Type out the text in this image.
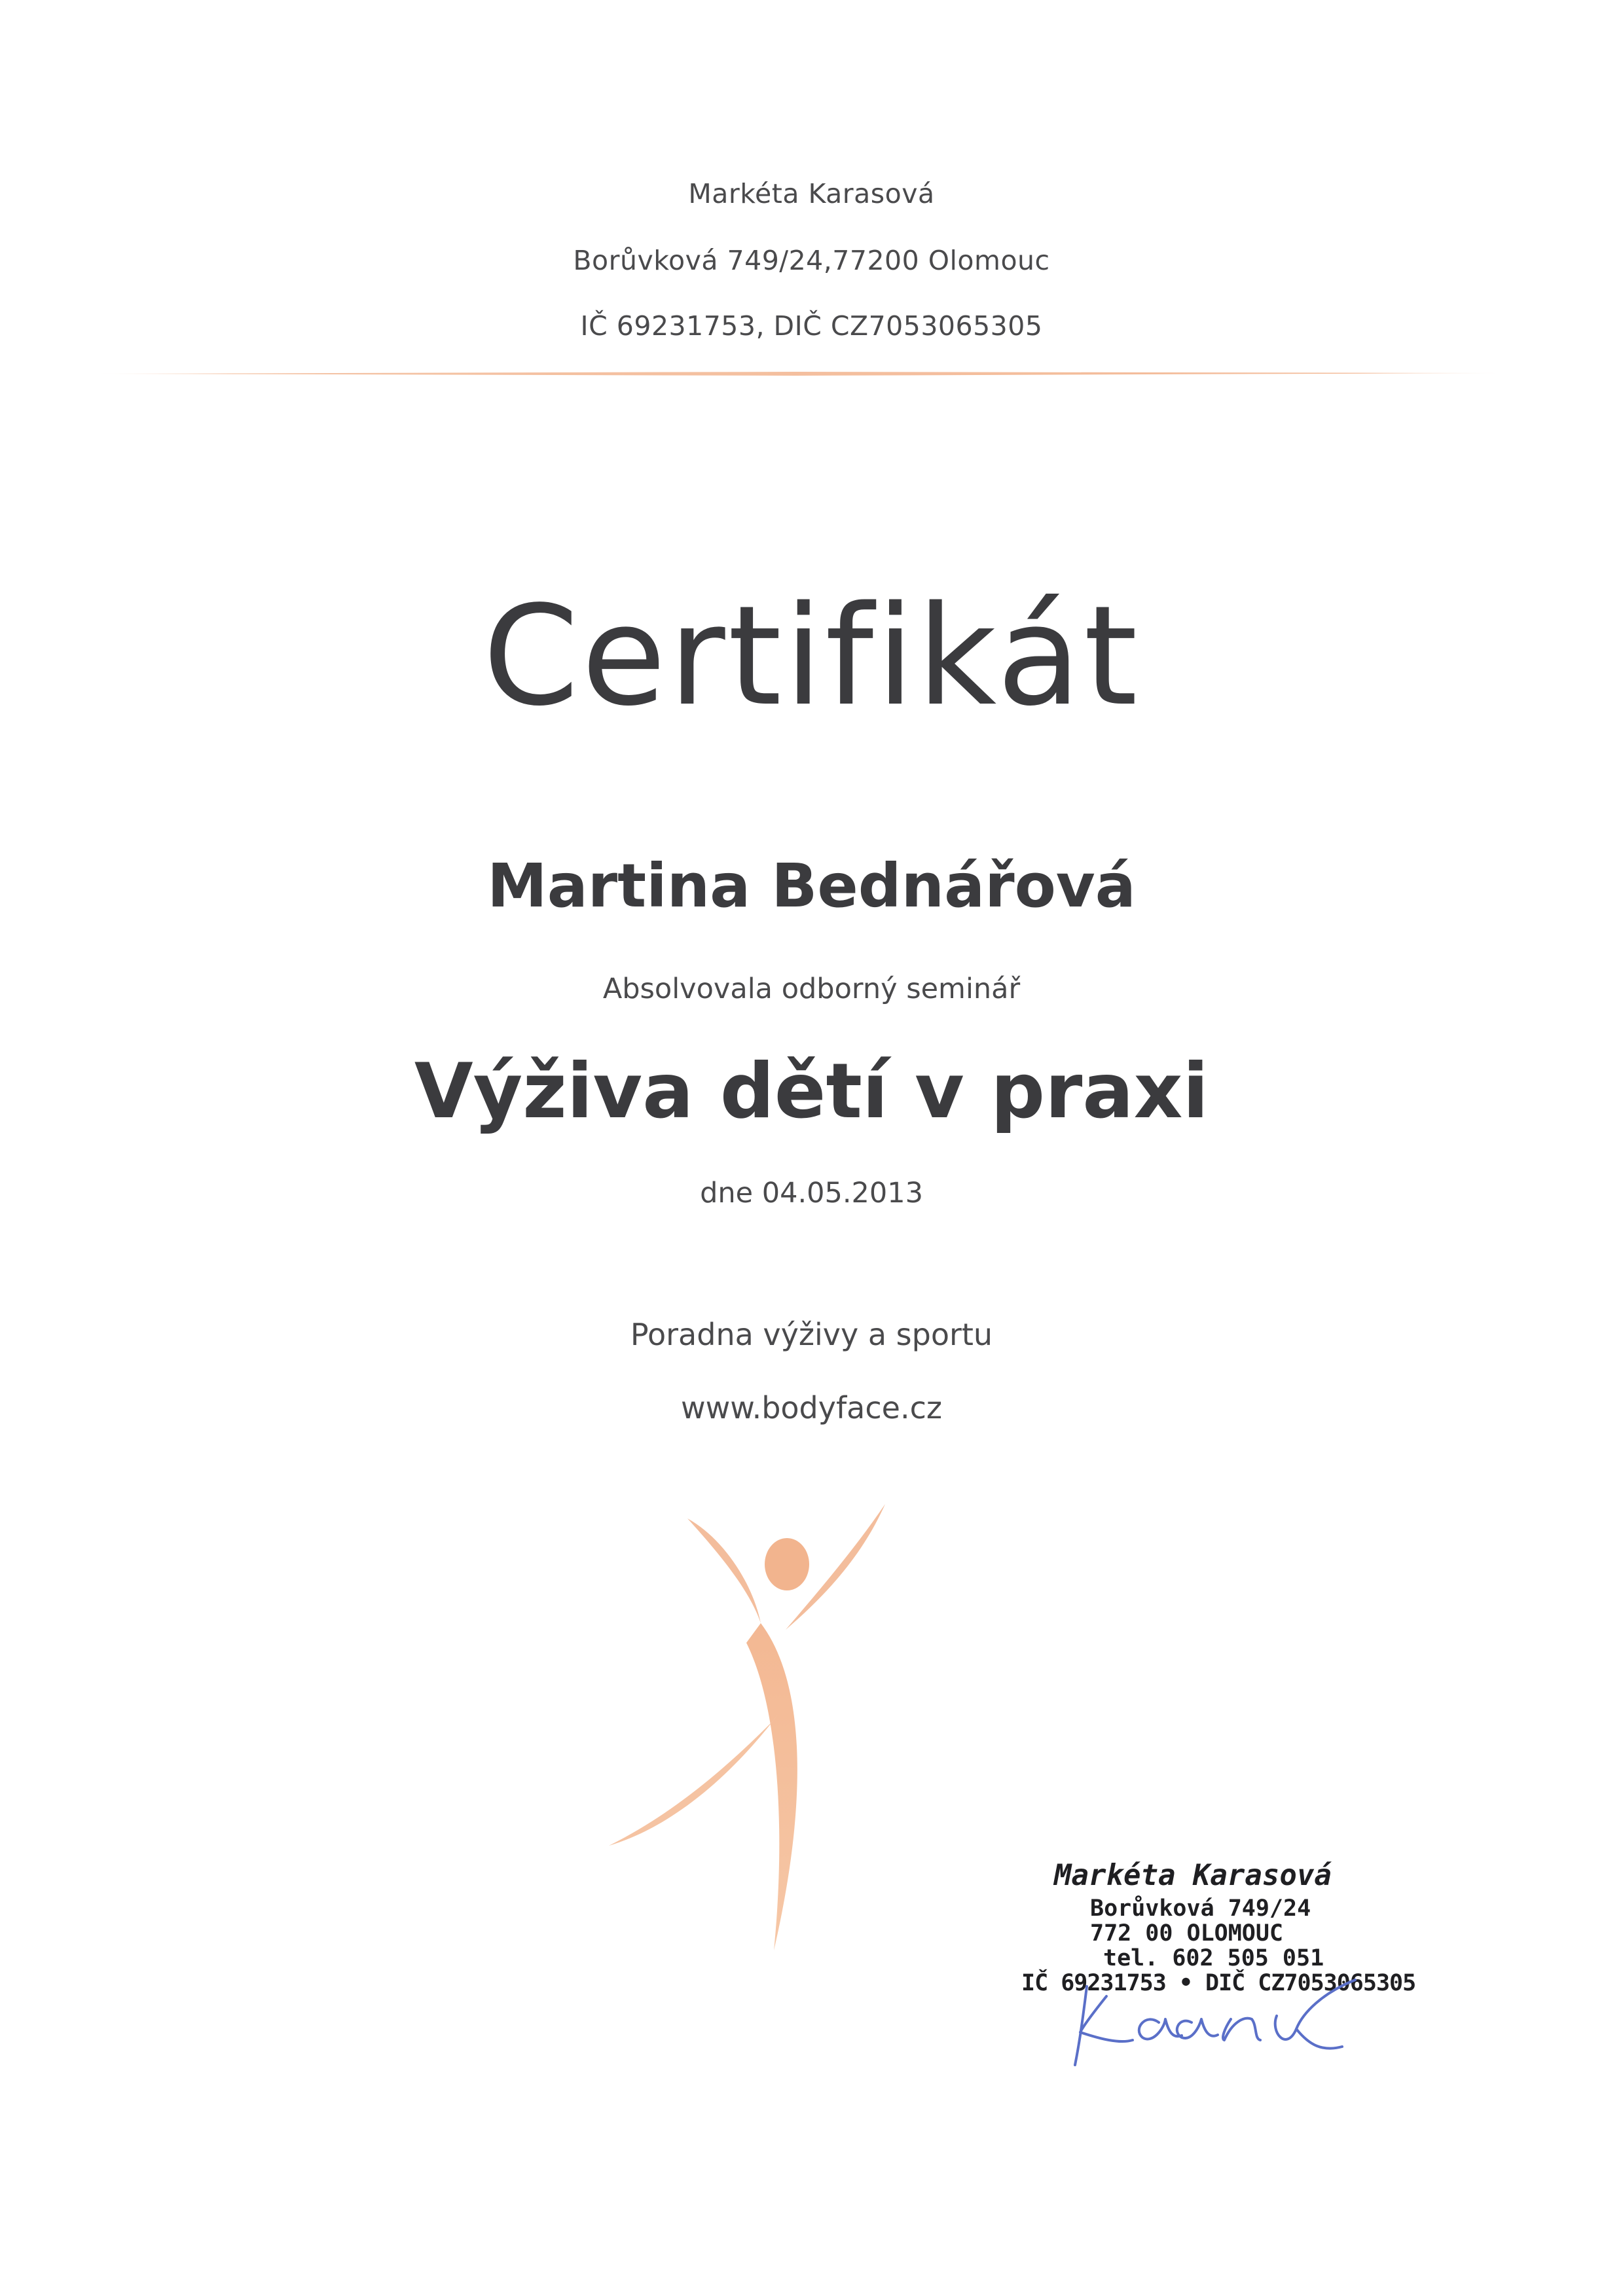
Markéta Karasová
Borůvková 749/24,77200 Olomouc
IČ 69231753, DIČ CZ7053065305
Certifikát
Martina Bednářová
Absolvovala odborný seminář
Výživa dětí v praxi
dne 04.05.2013
Poradna výživy a sportu
www.bodyface.cz
Markéta Karasová
Borůvková 749/24
772 00 OLOMOUC
tel. 602 505 051
IČ 69231753 • DIČ CZ7053065305
